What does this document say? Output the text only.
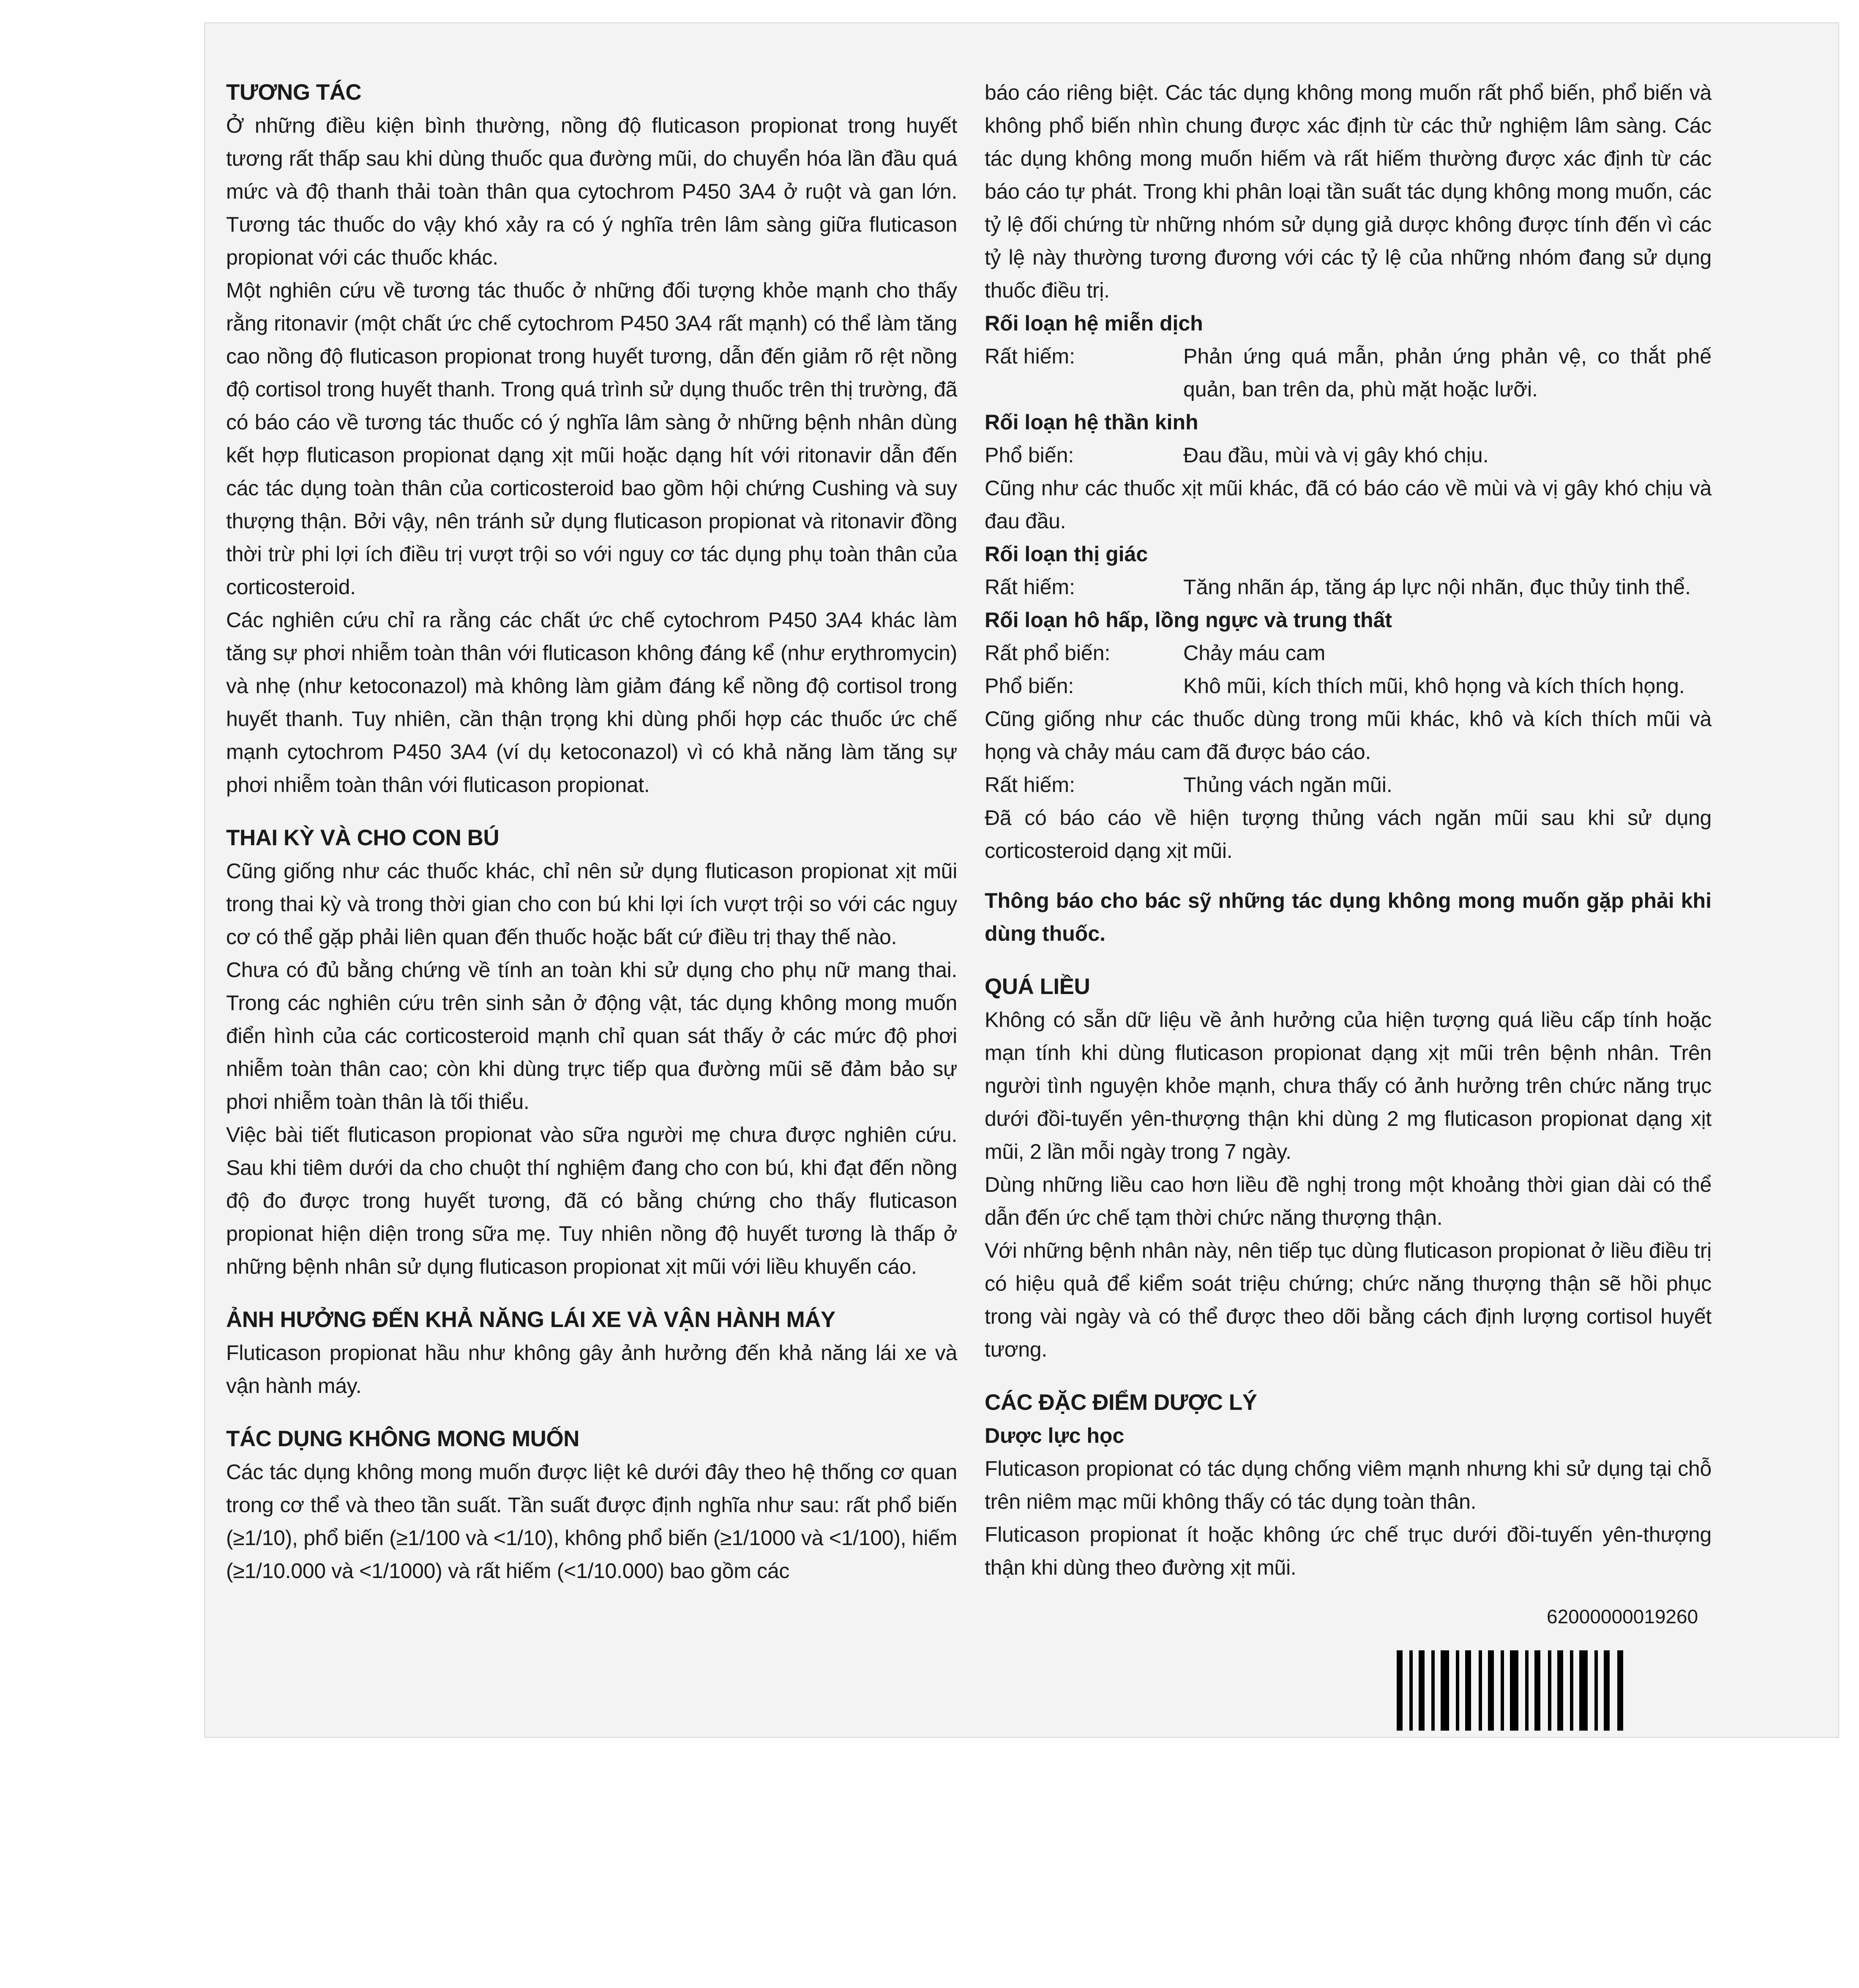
TƯƠNG TÁC

Ở những điều kiện bình thường, nồng độ fluticason propionat trong huyết tương rất thấp sau khi dùng thuốc qua đường mũi, do chuyển hóa lần đầu quá mức và độ thanh thải toàn thân qua cytochrom P450 3A4 ở ruột và gan lớn. Tương tác thuốc do vậy khó xảy ra có ý nghĩa trên lâm sàng giữa fluticason propionat với các thuốc khác.

Một nghiên cứu về tương tác thuốc ở những đối tượng khỏe mạnh cho thấy rằng ritonavir (một chất ức chế cytochrom P450 3A4 rất mạnh) có thể làm tăng cao nồng độ fluticason propionat trong huyết tương, dẫn đến giảm rõ rệt nồng độ cortisol trong huyết thanh. Trong quá trình sử dụng thuốc trên thị trường, đã có báo cáo về tương tác thuốc có ý nghĩa lâm sàng ở những bệnh nhân dùng kết hợp fluticason propionat dạng xịt mũi hoặc dạng hít với ritonavir dẫn đến các tác dụng toàn thân của corticosteroid bao gồm hội chứng Cushing và suy thượng thận. Bởi vậy, nên tránh sử dụng fluticason propionat và ritonavir đồng thời trừ phi lợi ích điều trị vượt trội so với nguy cơ tác dụng phụ toàn thân của corticosteroid.

Các nghiên cứu chỉ ra rằng các chất ức chế cytochrom P450 3A4 khác làm tăng sự phơi nhiễm toàn thân với fluticason không đáng kể (như erythromycin) và nhẹ (như ketoconazol) mà không làm giảm đáng kể nồng độ cortisol trong huyết thanh. Tuy nhiên, cần thận trọng khi dùng phối hợp các thuốc ức chế mạnh cytochrom P450 3A4 (ví dụ ketoconazol) vì có khả năng làm tăng sự phơi nhiễm toàn thân với fluticason propionat.

THAI KỲ VÀ CHO CON BÚ

Cũng giống như các thuốc khác, chỉ nên sử dụng fluticason propionat xịt mũi trong thai kỳ và trong thời gian cho con bú khi lợi ích vượt trội so với các nguy cơ có thể gặp phải liên quan đến thuốc hoặc bất cứ điều trị thay thế nào.

Chưa có đủ bằng chứng về tính an toàn khi sử dụng cho phụ nữ mang thai. Trong các nghiên cứu trên sinh sản ở động vật, tác dụng không mong muốn điển hình của các corticosteroid mạnh chỉ quan sát thấy ở các mức độ phơi nhiễm toàn thân cao; còn khi dùng trực tiếp qua đường mũi sẽ đảm bảo sự phơi nhiễm toàn thân là tối thiểu.

Việc bài tiết fluticason propionat vào sữa người mẹ chưa được nghiên cứu. Sau khi tiêm dưới da cho chuột thí nghiệm đang cho con bú, khi đạt đến nồng độ đo được trong huyết tương, đã có bằng chứng cho thấy fluticason propionat hiện diện trong sữa mẹ. Tuy nhiên nồng độ huyết tương là thấp ở những bệnh nhân sử dụng fluticason propionat xịt mũi với liều khuyến cáo.

ẢNH HƯỞNG ĐẾN KHẢ NĂNG LÁI XE VÀ VẬN HÀNH MÁY

Fluticason propionat hầu như không gây ảnh hưởng đến khả năng lái xe và vận hành máy.

TÁC DỤNG KHÔNG MONG MUỐN

Các tác dụng không mong muốn được liệt kê dưới đây theo hệ thống cơ quan trong cơ thể và theo tần suất. Tần suất được định nghĩa như sau: rất phổ biến (≥1/10), phổ biến (≥1/100 và <1/10), không phổ biến (≥1/1000 và <1/100), hiếm (≥1/10.000 và <1/1000) và rất hiếm (<1/10.000) bao gồm các

báo cáo riêng biệt. Các tác dụng không mong muốn rất phổ biến, phổ biến và không phổ biến nhìn chung được xác định từ các thử nghiệm lâm sàng. Các tác dụng không mong muốn hiếm và rất hiếm thường được xác định từ các báo cáo tự phát. Trong khi phân loại tần suất tác dụng không mong muốn, các tỷ lệ đối chứng từ những nhóm sử dụng giả dược không được tính đến vì các tỷ lệ này thường tương đương với các tỷ lệ của những nhóm đang sử dụng thuốc điều trị.

Rối loạn hệ miễn dịch
Rất hiếm:	Phản ứng quá mẫn, phản ứng phản vệ, co thắt phế quản, ban trên da, phù mặt hoặc lưỡi.
Rối loạn hệ thần kinh
Phổ biến:	Đau đầu, mùi và vị gây khó chịu.

Cũng như các thuốc xịt mũi khác, đã có báo cáo về mùi và vị gây khó chịu và đau đầu.

Rối loạn thị giác
Rất hiếm:	Tăng nhãn áp, tăng áp lực nội nhãn, đục thủy tinh thể.
Rối loạn hô hấp, lồng ngực và trung thất
Rất phổ biến:	Chảy máu cam
Phổ biến:	Khô mũi, kích thích mũi, khô họng và kích thích họng.

Cũng giống như các thuốc dùng trong mũi khác, khô và kích thích mũi và họng và chảy máu cam đã được báo cáo.

Rất hiếm:	Thủng vách ngăn mũi.

Đã có báo cáo về hiện tượng thủng vách ngăn mũi sau khi sử dụng corticosteroid dạng xịt mũi.

Thông báo cho bác sỹ những tác dụng không mong muốn gặp phải khi dùng thuốc.

QUÁ LIỀU

Không có sẵn dữ liệu về ảnh hưởng của hiện tượng quá liều cấp tính hoặc mạn tính khi dùng fluticason propionat dạng xịt mũi trên bệnh nhân. Trên người tình nguyện khỏe mạnh, chưa thấy có ảnh hưởng trên chức năng trục dưới đồi-tuyến yên-thượng thận khi dùng 2 mg fluticason propionat dạng xịt mũi, 2 lần mỗi ngày trong 7 ngày.

Dùng những liều cao hơn liều đề nghị trong một khoảng thời gian dài có thể dẫn đến ức chế tạm thời chức năng thượng thận.

Với những bệnh nhân này, nên tiếp tục dùng fluticason propionat ở liều điều trị có hiệu quả để kiểm soát triệu chứng; chức năng thượng thận sẽ hồi phục trong vài ngày và có thể được theo dõi bằng cách định lượng cortisol huyết tương.

CÁC ĐẶC ĐIỂM DƯỢC LÝ
Dược lực học

Fluticason propionat có tác dụng chống viêm mạnh nhưng khi sử dụng tại chỗ trên niêm mạc mũi không thấy có tác dụng toàn thân.

Fluticason propionat ít hoặc không ức chế trục dưới đồi-tuyến yên-thượng thận khi dùng theo đường xịt mũi.

62000000019260
